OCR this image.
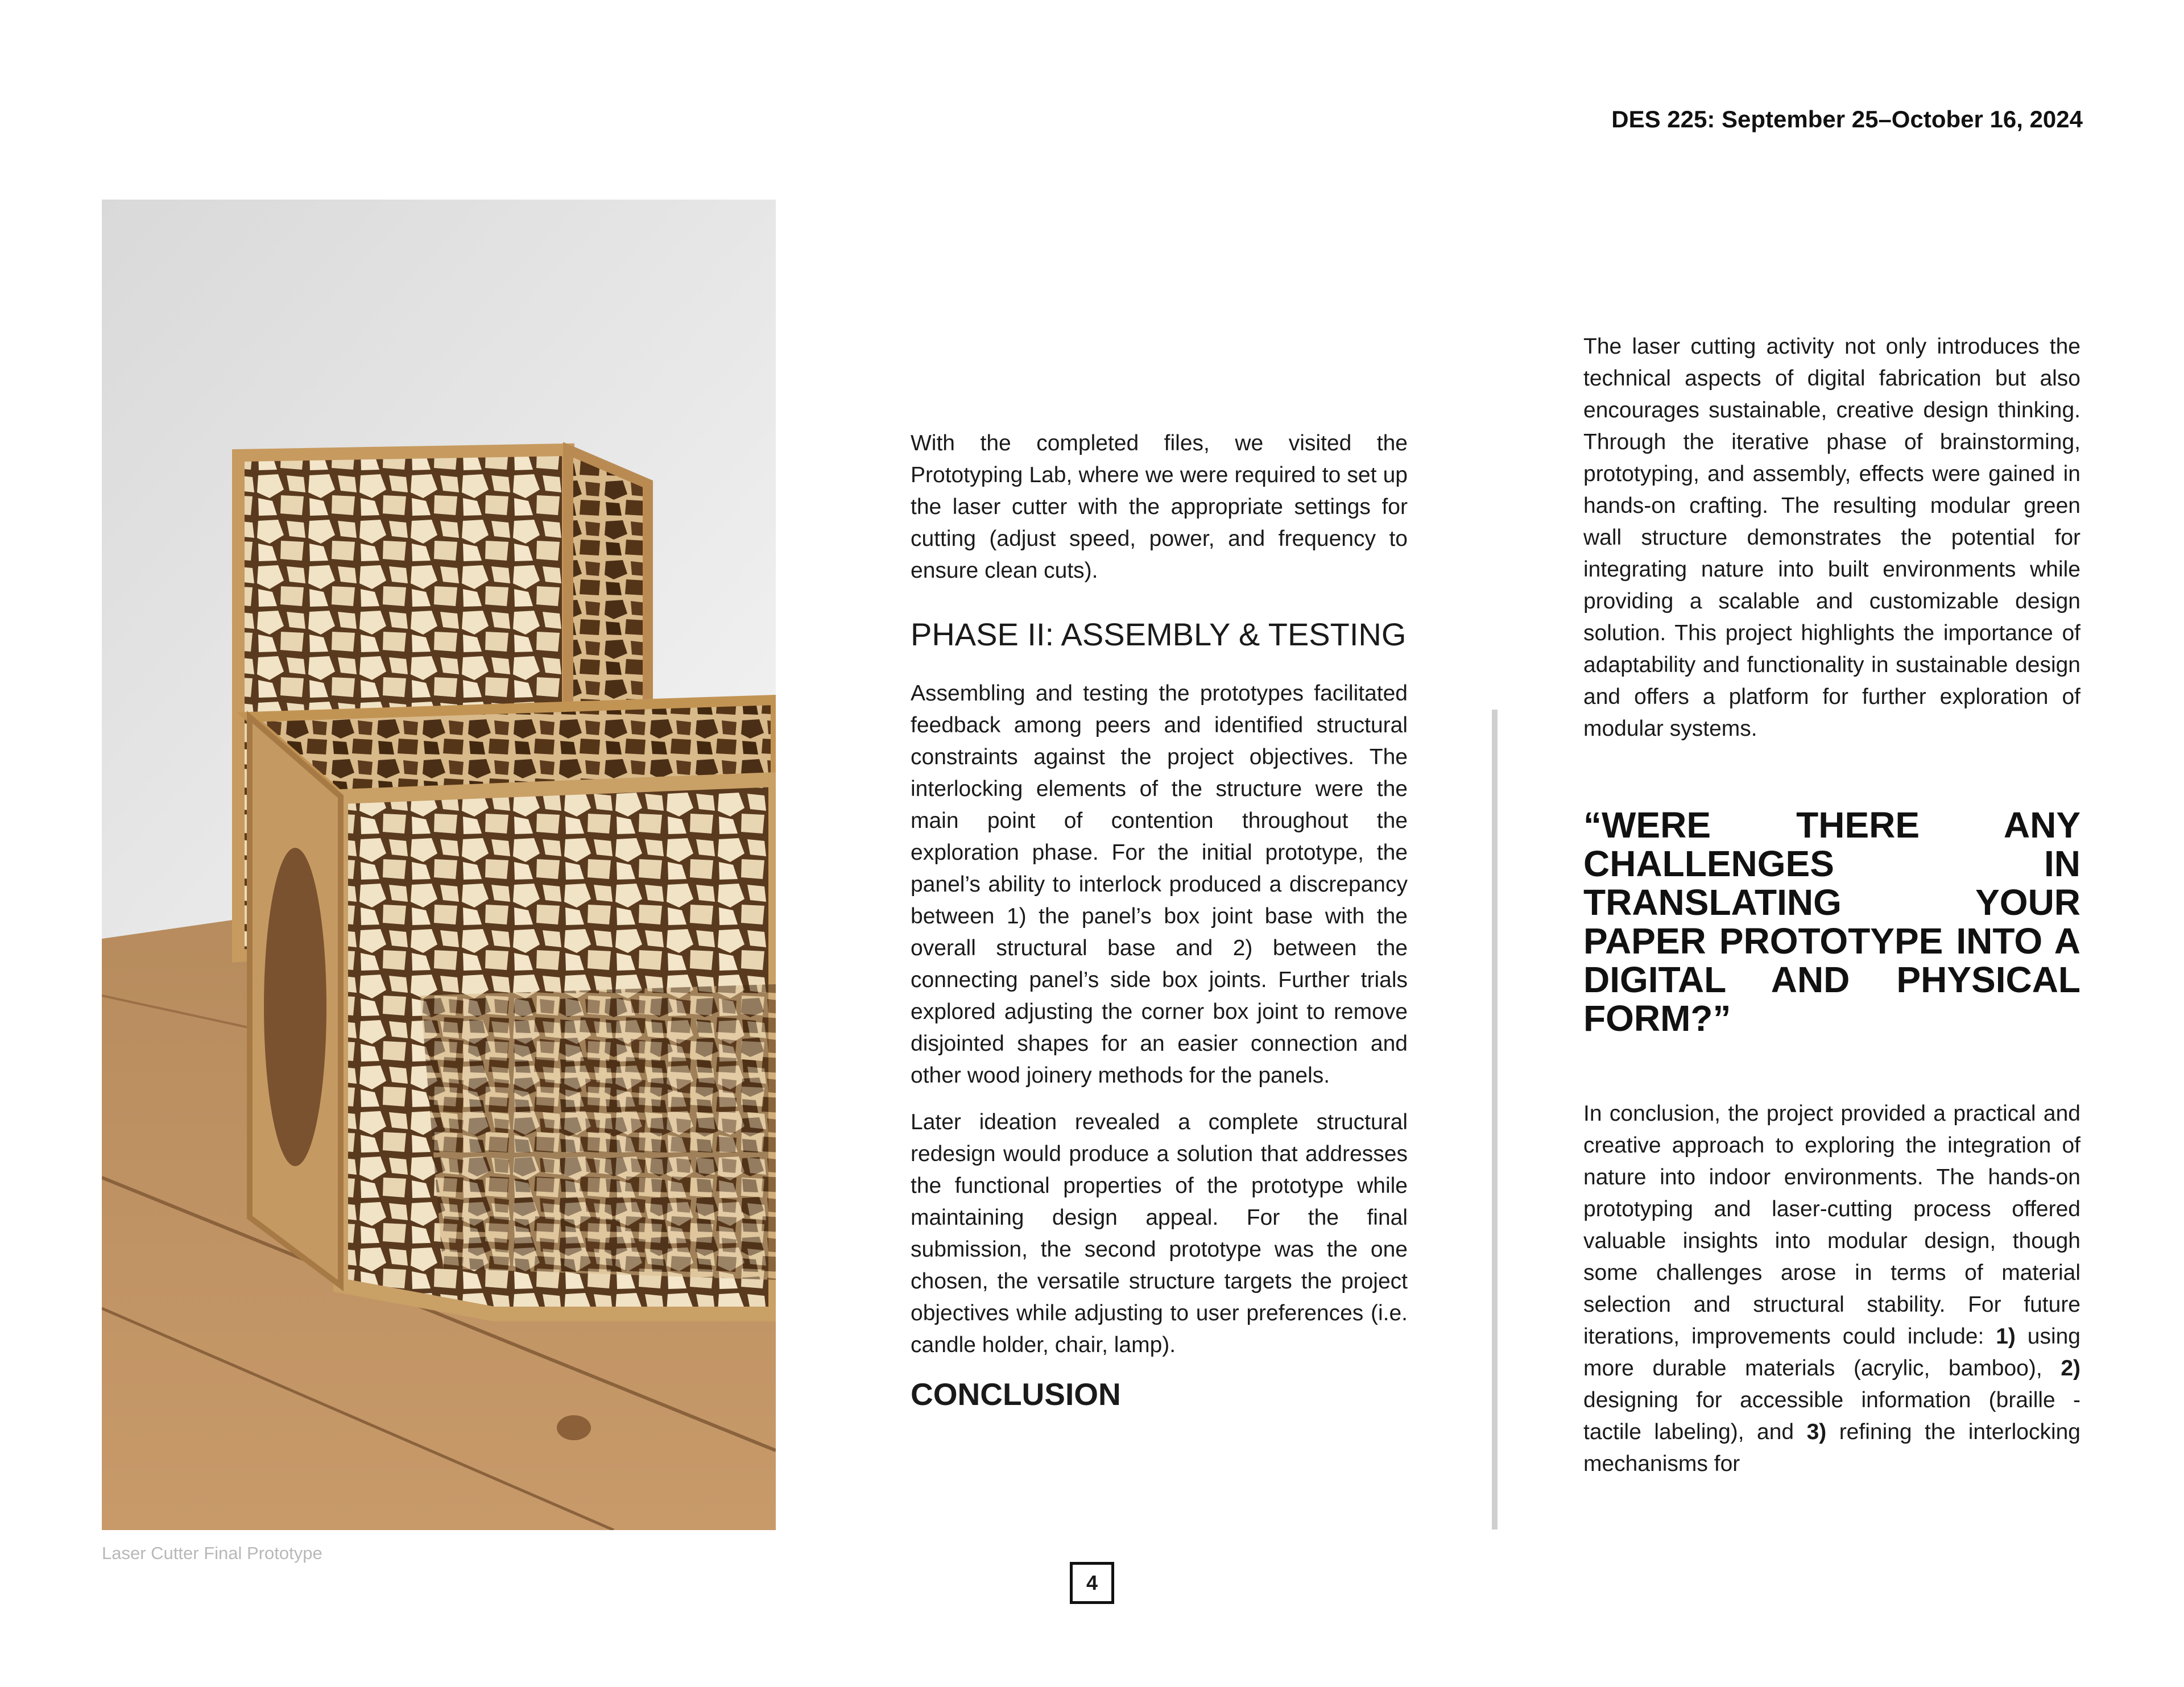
DES 225: September 25–October 16, 2024
Laser Cutter Final Prototype

With the completed files, we visited the Prototyping Lab, where we were required to set up the laser cutter with the appropriate settings for cutting (adjust speed, power, and frequency to ensure clean cuts).

PHASE II: ASSEMBLY & TESTING

Assembling and testing the prototypes facilitated feedback among peers and identified structural constraints against the project objectives. The interlocking elements of the structure were the main point of contention throughout the exploration phase. For the initial prototype, the panel’s ability to interlock produced a discrepancy between 1) the panel’s box joint base with the overall structural base and 2) between the connecting panel’s side box joints. Further trials explored adjusting the corner box joint to remove disjointed shapes for an easier connection and other wood joinery methods for the panels.

Later ideation revealed a complete structural redesign would produce a solution that addresses the functional properties of the prototype while maintaining design appeal. For the final submission, the second prototype was the one chosen, the versatile structure targets the project objectives while adjusting to user preferences (i.e. candle holder, chair, lamp).

CONCLUSION

The laser cutting activity not only introduces the technical aspects of digital fabrication but also encourages sustainable, creative design thinking. Through the iterative phase of brainstorming, prototyping, and assembly, effects were gained in hands-on crafting. The resulting modular green wall structure demonstrates the potential for integrating nature into built environments while providing a scalable and customizable design solution. This project highlights the importance of adaptability and functionality in sustainable design and offers a platform for further exploration of modular systems.

“WERE THERE ANY CHALLENGES IN TRANSLATING YOUR PAPER PROTOTYPE INTO A DIGITAL AND PHYSICAL FORM?”

In conclusion, the project provided a practical and creative approach to exploring the integration of nature into indoor environments. The hands-on prototyping and laser-cutting process offered valuable insights into modular design, though some challenges arose in terms of material selection and structural stability. For future iterations, improvements could include: 1) using more durable materials (acrylic, bamboo), 2) designing for accessible information (braille - tactile labeling), and 3) refining the interlocking mechanisms for

4
